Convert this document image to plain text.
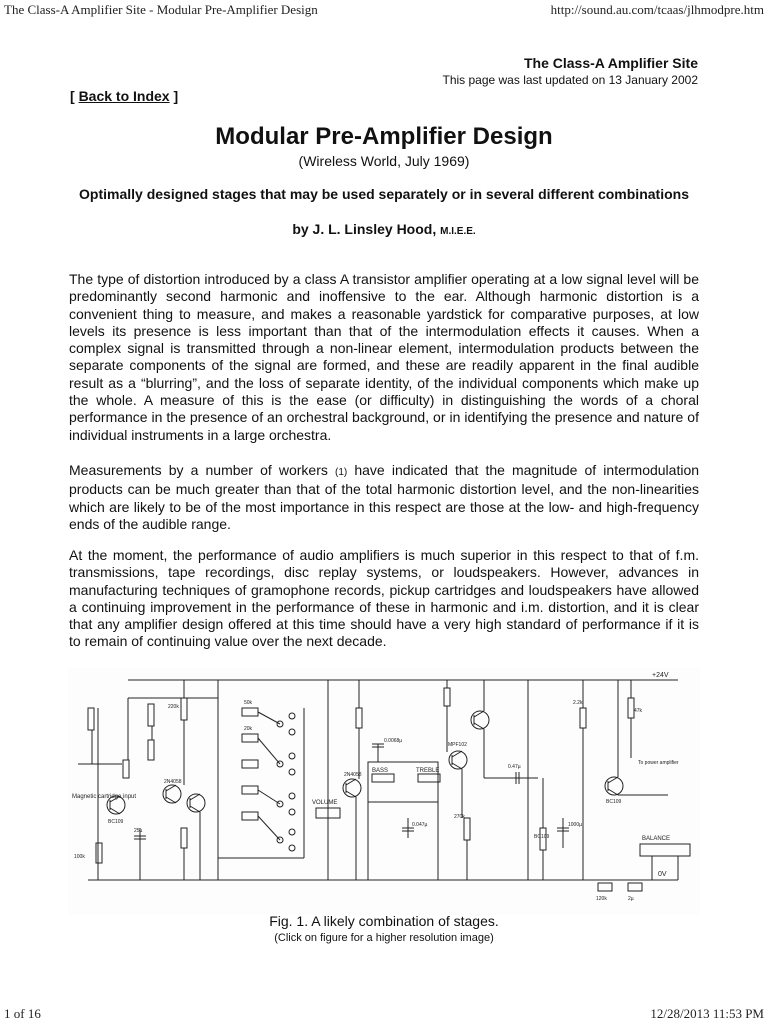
The Class-A Amplifier Site - Modular Pre-Amplifier Design	http://sound.au.com/tcaas/jlhmodpre.htm
The Class-A Amplifier Site
This page was last updated on 13 January 2002
[ Back to Index ]
Modular Pre-Amplifier Design
(Wireless World, July 1969)
Optimally designed stages that may be used separately or in several different combinations
by J. L. Linsley Hood, M.I.E.E.

The type of distortion introduced by a class A transistor amplifier operating at a low signal level will be predominantly second harmonic and inoffensive to the ear. Although harmonic distortion is a convenient thing to measure, and makes a reasonable yardstick for comparative purposes, at low levels its presence is less important than that of the intermodulation effects it causes. When a complex signal is transmitted through a non-linear element, intermodulation products between the separate components of the signal are formed, and these are readily apparent in the final audible result as a “blurring”, and the loss of separate identity, of the individual components which make up the whole. A measure of this is the ease (or difficulty) in distinguishing the words of a choral performance in the presence of an orchestral background, or in identifying the presence and nature of individual instruments in a large orchestra.

Measurements by a number of workers (1) have indicated that the magnitude of intermodulation products can be much greater than that of the total harmonic distortion level, and the non-linearities which are likely to be of the most importance in this respect are those at the low- and high-frequency ends of the audible range.

At the moment, the performance of audio amplifiers is much superior in this respect to that of f.m. transmissions, tape recordings, disc replay systems, or loudspeakers. However, advances in manufacturing techniques of gramophone records, pickup cartridges and loudspeakers have allowed a continuing improvement in the performance of these in harmonic and i.m. distortion, and it is clear that any amplifier design offered at this time should have a very high standard of performance if it is to remain of continuing value over the next decade.

+24V
0V
Magnetic cartridge input
BC109
2N4058
25µ
100k
220k
50k
20k
VOLUME
2N4058
BASS	TREBLE
0.0068µ
0.047µ
MPF102
270k
0.47µ
1000µ
2.2k
47k
To power amplifier
BALANCE
120k	2µ
BC109
BC109
Fig. 1. A likely combination of stages.
(Click on figure for a higher resolution image)
1 of 16	12/28/2013 11:53 PM
